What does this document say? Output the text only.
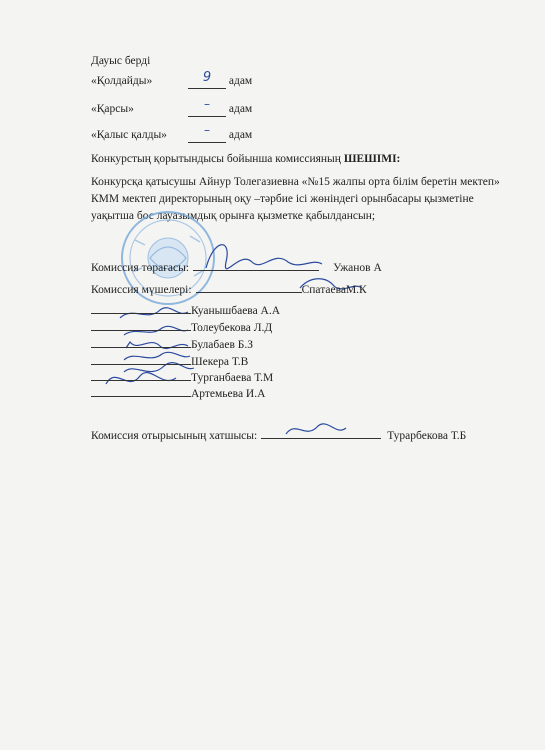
Дауыс берді
«Қолдайды»	9 адам
«Қарсы»	– адам
«Қалыс қалды»	– адам
Конкурстың қорытындысы бойынша комиссияның ШЕШІМІ:
Конкурсқа қатысушы Айнур Толегазиевна «№15 жалпы орта білім беретін мектеп» КММ мектеп директорының оқу –тәрбие ісі жөніндегі орынбасары қызметіне уақытша бос лауазымдық орынға қызметке қабылдансын;
Комиссия төрағасы:	Ужанов А
Комиссия мүшелері:	СпатаеваМ.К
Куанышбаева А.А
Толеубекова Л.Д
Булабаев Б.З
Шекера Т.В
Турганбаева Т.М
Артемьева И.А
Комиссия отырысының хатшысы:	Турарбекова Т.Б
